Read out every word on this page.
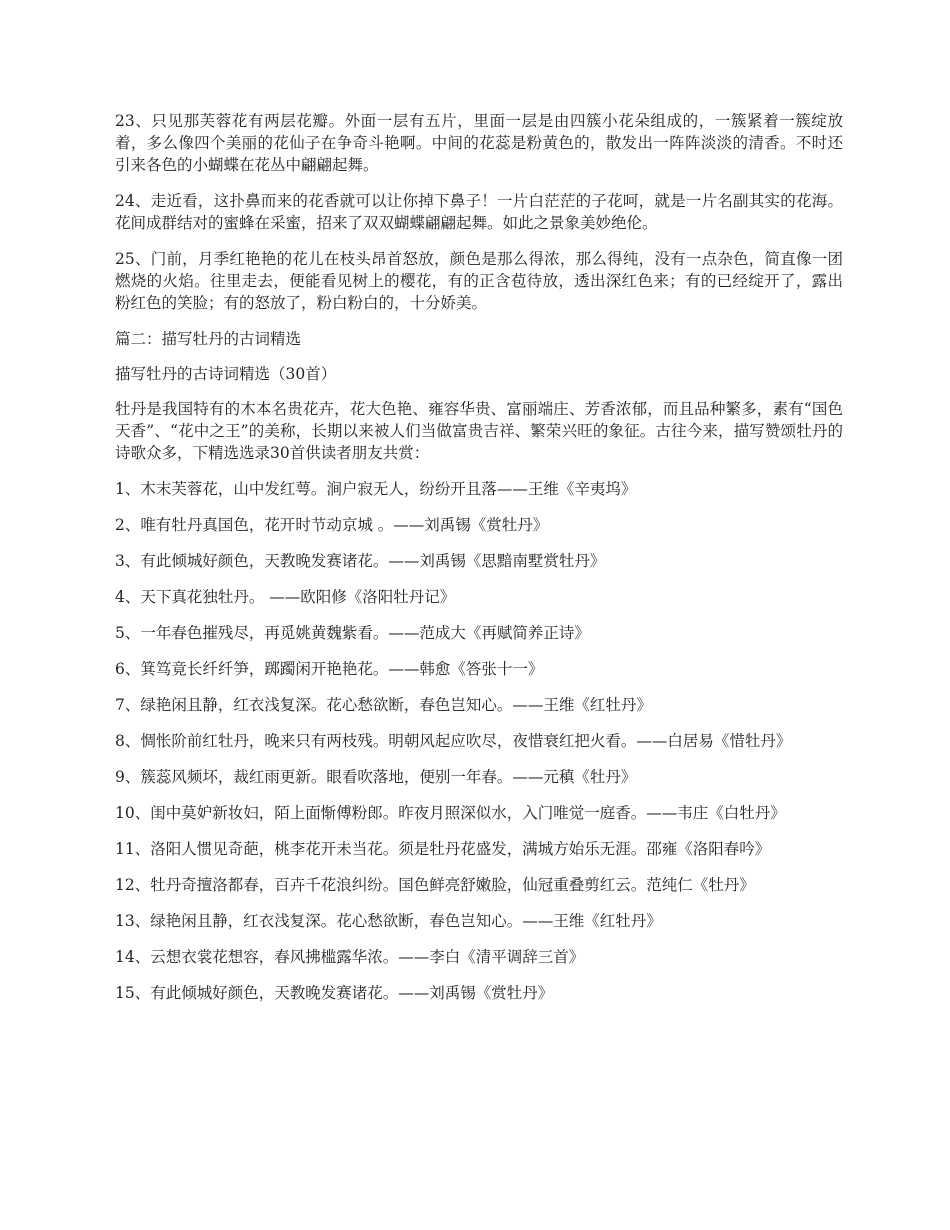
23、只见那芙蓉花有两层花瓣。外面一层有五片，里面一层是由四簇小花朵组成的，一簇紧着一簇绽放着，多么像四个美丽的花仙子在争奇斗艳啊。中间的花蕊是粉黄色的，散发出一阵阵淡淡的清香。不时还引来各色的小蝴蝶在花丛中翩翩起舞。

24、走近看，这扑鼻而来的花香就可以让你掉下鼻子！一片白茫茫的子花呵，就是一片名副其实的花海。花间成群结对的蜜蜂在采蜜，招来了双双蝴蝶翩翩起舞。如此之景象美妙绝伦。

25、门前，月季红艳艳的花儿在枝头昂首怒放，颜色是那么得浓，那么得纯，没有一点杂色，简直像一团燃烧的火焰。往里走去，便能看见树上的樱花，有的正含苞待放，透出深红色来；有的已经绽开了，露出粉红色的笑脸；有的怒放了，粉白粉白的，十分娇美。

篇二：描写牡丹的古词精选

描写牡丹的古诗词精选（30首）

牡丹是我国特有的木本名贵花卉，花大色艳、雍容华贵、富丽端庄、芳香浓郁，而且品种繁多，素有“国色天香”、“花中之王”的美称，长期以来被人们当做富贵吉祥、繁荣兴旺的象征。古往今来，描写赞颂牡丹的诗歌众多，下精选选录30首供读者朋友共赏：

1、木末芙蓉花，山中发红萼。涧户寂无人，纷纷开且落——王维《辛夷坞》

2、唯有牡丹真国色，花开时节动京城 。——刘禹锡《赏牡丹》

3、有此倾城好颜色，天教晚发赛诸花。——刘禹锡《思黯南墅赏牡丹》

4、天下真花独牡丹。 ——欧阳修《洛阳牡丹记》

5、一年春色摧残尽，再觅姚黄魏紫看。——范成大《再赋简养正诗》

6、箕笃竟长纤纤笋，踯躅闲开艳艳花。——韩愈《答张十一》

7、绿艳闲且静，红衣浅复深。花心愁欲断，春色岂知心。——王维《红牡丹》

8、惆怅阶前红牡丹，晚来只有两枝残。明朝风起应吹尽，夜惜衰红把火看。——白居易《惜牡丹》

9、簇蕊风频坏，裁红雨更新。眼看吹落地，便别一年春。——元稹《牡丹》

10、闺中莫妒新妆妇，陌上面惭傅粉郎。昨夜月照深似水，入门唯觉一庭香。——韦庄《白牡丹》

11、洛阳人惯见奇葩，桃李花开未当花。须是牡丹花盛发，满城方始乐无涯。邵雍《洛阳春吟》

12、牡丹奇擅洛都春，百卉千花浪纠纷。国色鲜亮舒嫩脸，仙冠重叠剪红云。范纯仁《牡丹》

13、绿艳闲且静，红衣浅复深。花心愁欲断，春色岂知心。——王维《红牡丹》

14、云想衣裳花想容，春风拂槛露华浓。——李白《清平调辞三首》

15、有此倾城好颜色，天教晚发赛诸花。——刘禹锡《赏牡丹》
